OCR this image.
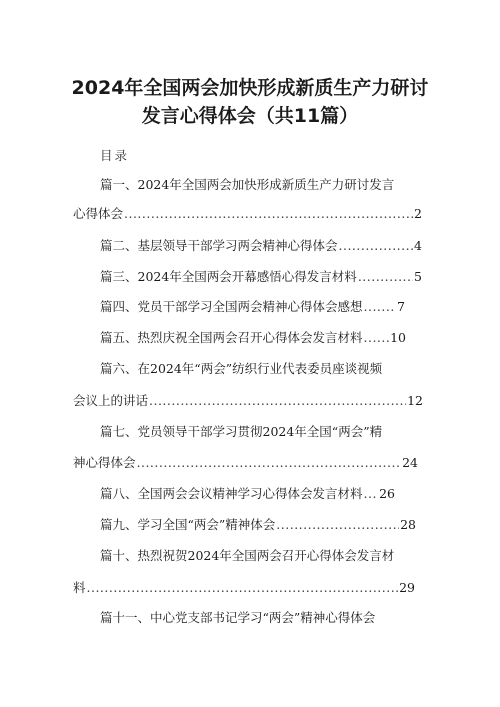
2024年全国两会加快形成新质生产力研讨
发言心得体会（共11篇）
目录
篇一、2024年全国两会加快形成新质生产力研讨发言
心得体会 .....	2
篇二、基层领导干部学习两会精神心得体会 .....	4
篇三、2024年全国两会开幕感悟心得发言材料 .....	5
篇四、党员干部学习全国两会精神心得体会感想 .....	7
篇五、热烈庆祝全国两会召开心得体会发言材料 ..... 10
篇六、在2024年“两会”纺织行业代表委员座谈视频
会议上的讲话 .....	12
篇七、党员领导干部学习贯彻2024年全国“两会”精
神心得体会 .....	24
篇八、全国两会会议精神学习心得体会发言材料 ..... 26
篇九、学习全国“两会”精神体会 .....	28
篇十、热烈祝贺2024年全国两会召开心得体会发言材
料 .....	29
篇十一、中心党支部书记学习“两会”精神心得体会
